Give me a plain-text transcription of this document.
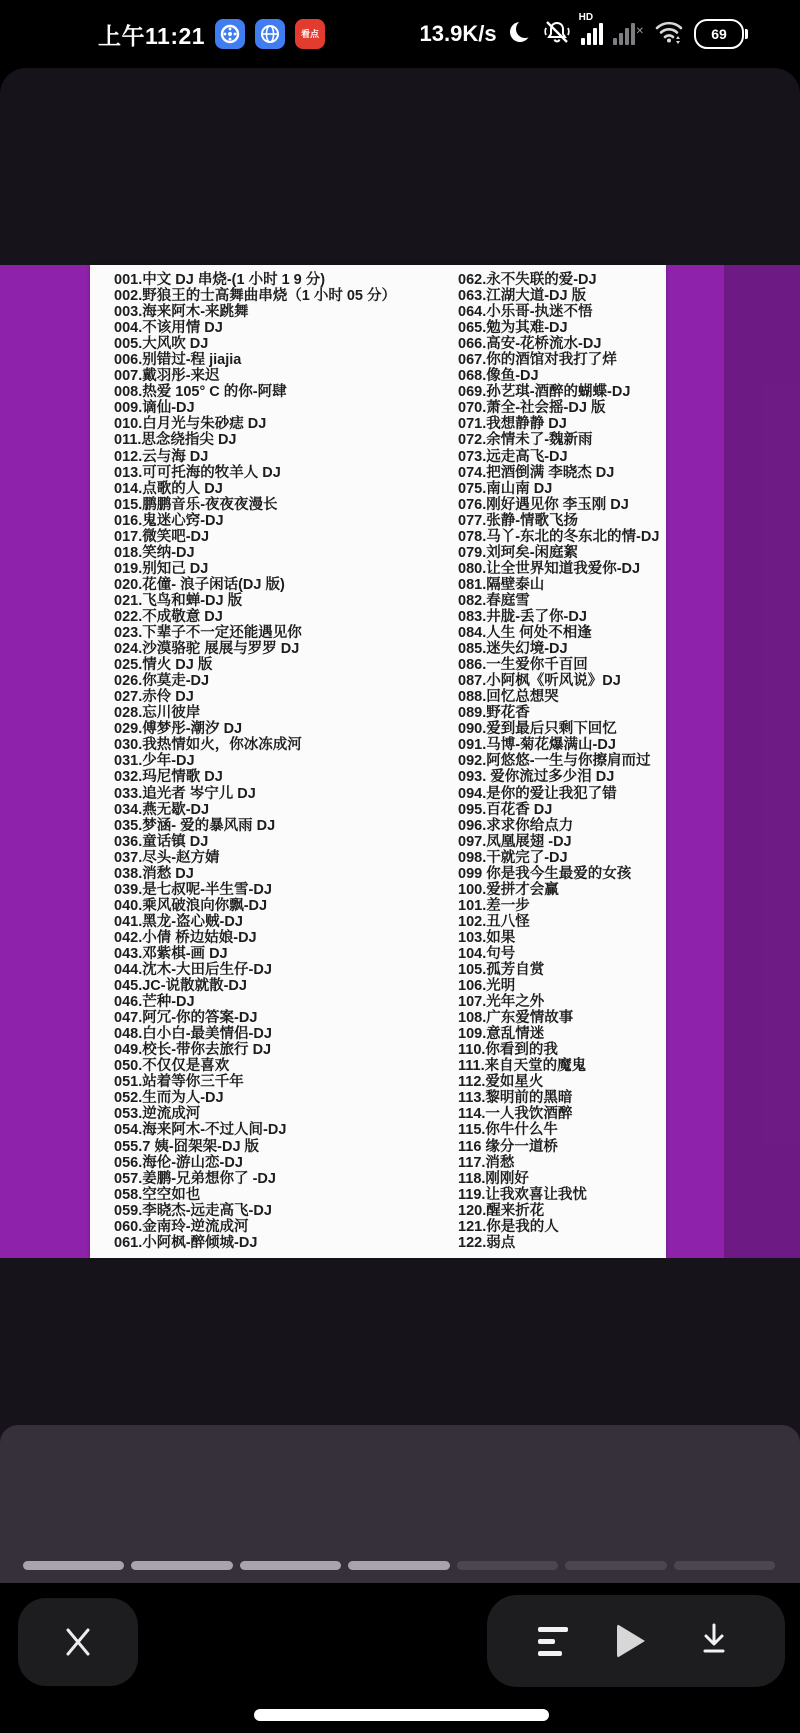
上午11:21	看点	13.9K/s
HD
✕	69
001.中文 DJ 串烧-(1 小时 1 9 分)
002.野狼王的士高舞曲串烧（1 小时 05 分）
003.海来阿木-来跳舞
004.不该用情 DJ
005.大风吹 DJ
006.别错过-程 jiajia
007.戴羽彤-来迟
008.热爱 105° C 的你-阿肆
009.谪仙-DJ
010.白月光与朱砂痣 DJ
011.思念绕指尖 DJ
012.云与海 DJ
013.可可托海的牧羊人 DJ
014.点歌的人 DJ
015.鹏鹏音乐-夜夜夜漫长
016.鬼迷心窍-DJ
017.微笑吧-DJ
018.笑纳-DJ
019.别知己 DJ
020.花僮- 浪子闲话(DJ 版)
021.飞鸟和蝉-DJ 版
022.不成敬意 DJ
023.下辈子不一定还能遇见你
024.沙漠骆驼 展展与罗罗 DJ
025.情火 DJ 版
026.你莫走-DJ
027.赤伶 DJ
028.忘川彼岸
029.傅梦彤-潮汐 DJ
030.我热情如火，你冰冻成河
031.少年-DJ
032.玛尼情歌 DJ
033.追光者 岑宁儿 DJ
034.燕无歇-DJ
035.梦涵- 爱的暴风雨 DJ
036.童话镇 DJ
037.尽头-赵方婧
038.消愁 DJ
039.是七叔呢-半生雪-DJ
040.乘风破浪向你飘-DJ
041.黑龙-盗心贼-DJ
042.小倩 桥边姑娘-DJ
043.邓紫棋-画 DJ
044.沈木-大田后生仔-DJ
045.JC-说散就散-DJ
046.芒种-DJ
047.阿冗-你的答案-DJ
048.白小白-最美情侣-DJ
049.校长-带你去旅行 DJ
050.不仅仅是喜欢
051.站着等你三千年
052.生而为人-DJ
053.逆流成河
054.海来阿木-不过人间-DJ
055.7 姨-囧架架-DJ 版
056.海伦-游山恋-DJ
057.姜鹏-兄弟想你了 -DJ
058.空空如也
059.李晓杰-远走高飞-DJ
060.金南玲-逆流成河
061.小阿枫-醉倾城-DJ
062.永不失联的爱-DJ
063.江湖大道-DJ 版
064.小乐哥-执迷不悟
065.勉为其难-DJ
066.高安-花桥流水-DJ
067.你的酒馆对我打了烊
068.像鱼-DJ
069.孙艺琪-酒醉的蝴蝶-DJ
070.萧全-社会摇-DJ 版
071.我想静静 DJ
072.余情未了-魏新雨
073.远走高飞-DJ
074.把酒倒满 李晓杰 DJ
075.南山南 DJ
076.刚好遇见你 李玉刚 DJ
077.张静-情歌飞扬
078.马丫-东北的冬东北的情-DJ
079.刘珂矣-闲庭絮
080.让全世界知道我爱你-DJ
081.隔壁泰山
082.春庭雪
083.井胧-丢了你-DJ
084.人生 何处不相逢
085.迷失幻境-DJ
086.一生爱你千百回
087.小阿枫《听风说》DJ
088.回忆总想哭
089.野花香
090.爱到最后只剩下回忆
091.马博-菊花爆满山-DJ
092.阿悠悠-一生与你擦肩而过
093. 爱你流过多少泪 DJ
094.是你的爱让我犯了错
095.百花香 DJ
096.求求你给点力
097.凤凰展翅 -DJ
098.干就完了-DJ
099 你是我今生最爱的女孩
100.爱拼才会赢
101.差一步
102.丑八怪
103.如果
104.句号
105.孤芳自赏
106.光明
107.光年之外
108.广东爱情故事
109.意乱情迷
110.你看到的我
111.来自天堂的魔鬼
112.爱如星火
113.黎明前的黑暗
114.一人我饮酒醉
115.你牛什么牛
116 缘分一道桥
117.消愁
118.刚刚好
119.让我欢喜让我忧
120.醒来折花
121.你是我的人
122.弱点
